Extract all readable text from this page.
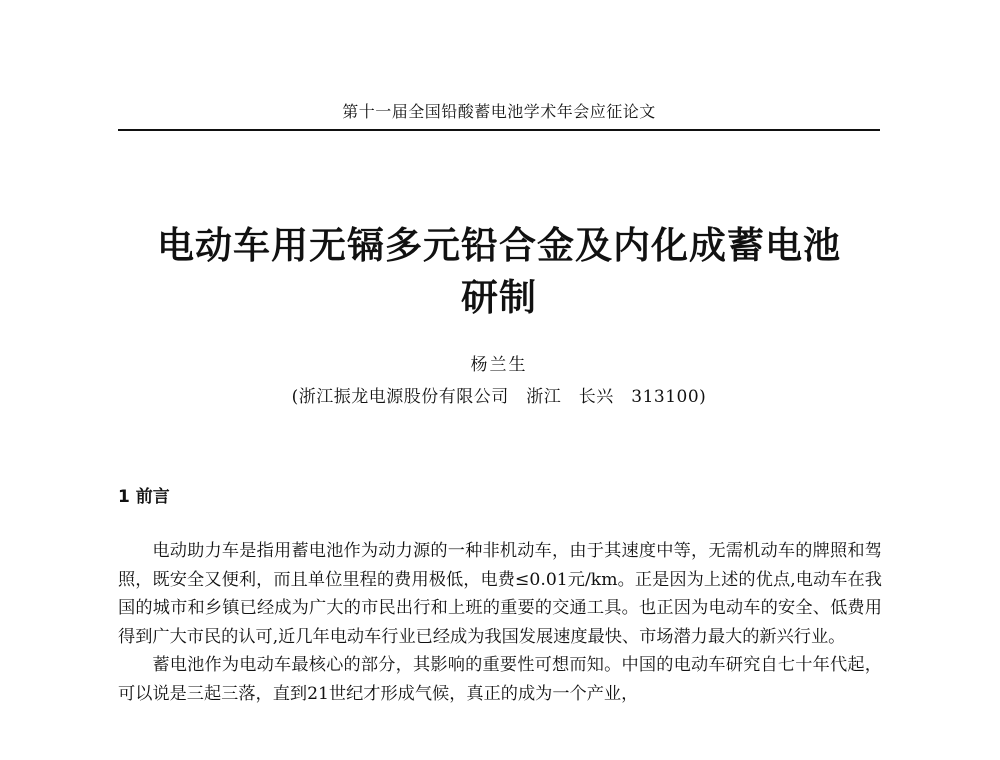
第十一届全国铅酸蓄电池学术年会应征论文
电动车用无镉多元铅合金及内化成蓄电池
研制
杨兰生
(浙江振龙电源股份有限公司　浙江　长兴　313100)
1 前言

电动助力车是指用蓄电池作为动力源的一种非机动车，由于其速度中等，无需机动车的牌照和驾照，既安全又便利，而且单位里程的费用极低，电费≤0.01元/km。正是因为上述的优点,电动车在我国的城市和乡镇已经成为广大的市民出行和上班的重要的交通工具。也正因为电动车的安全、低费用得到广大市民的认可,近几年电动车行业已经成为我国发展速度最快、市场潜力最大的新兴行业。

蓄电池作为电动车最核心的部分，其影响的重要性可想而知。中国的电动车研究自七十年代起，可以说是三起三落，直到21世纪才形成气候，真正的成为一个产业，
